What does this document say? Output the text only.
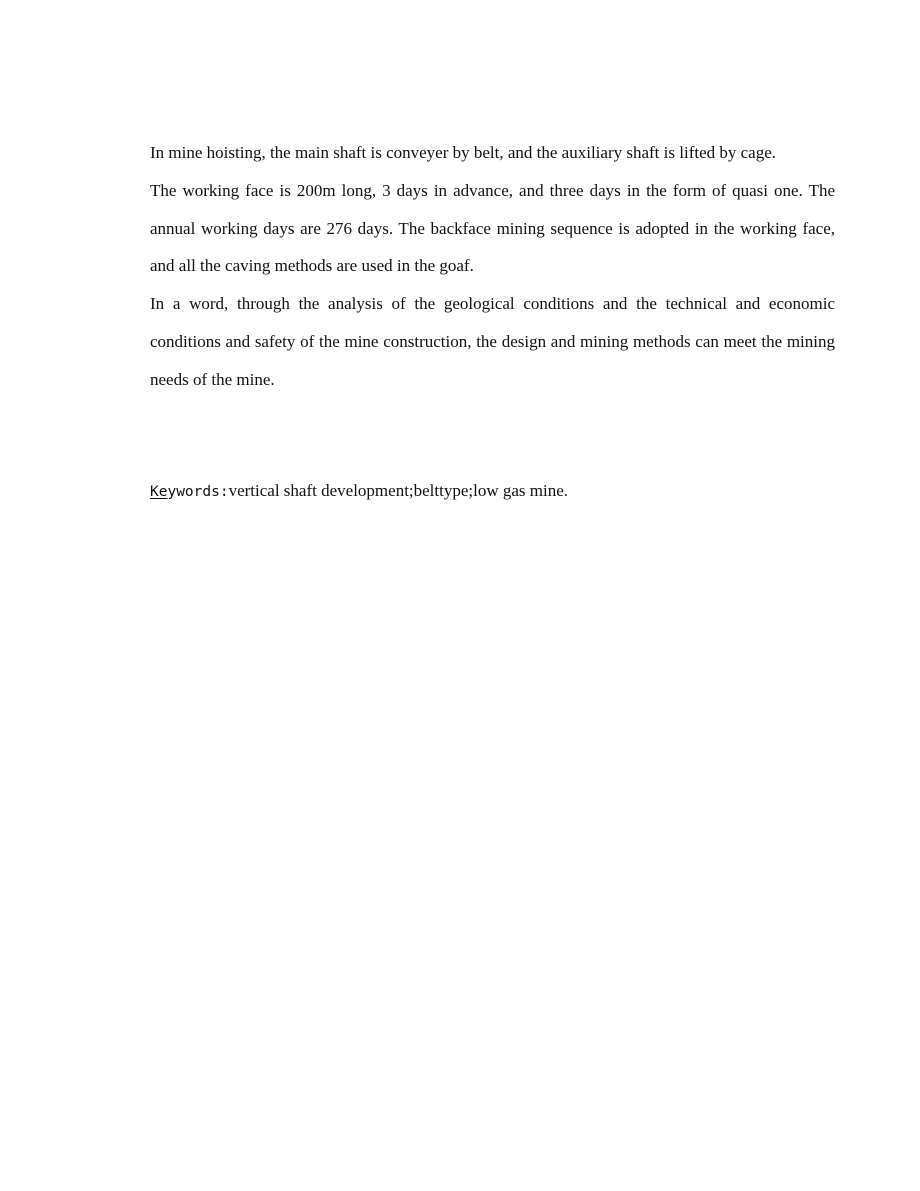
In mine hoisting, the main shaft is conveyer by belt, and the auxiliary shaft is lifted by cage.

The working face is 200m long, 3 days in advance, and three days in the form of quasi one. The annual working days are 276 days. The backface mining sequence is adopted in the working face, and all the caving methods are used in the goaf.

In a word, through the analysis of the geological conditions and the technical and economic conditions and safety of the mine construction, the design and mining methods can meet the mining needs of the mine.

Keywords:vertical shaft development;belttype;low gas mine.
